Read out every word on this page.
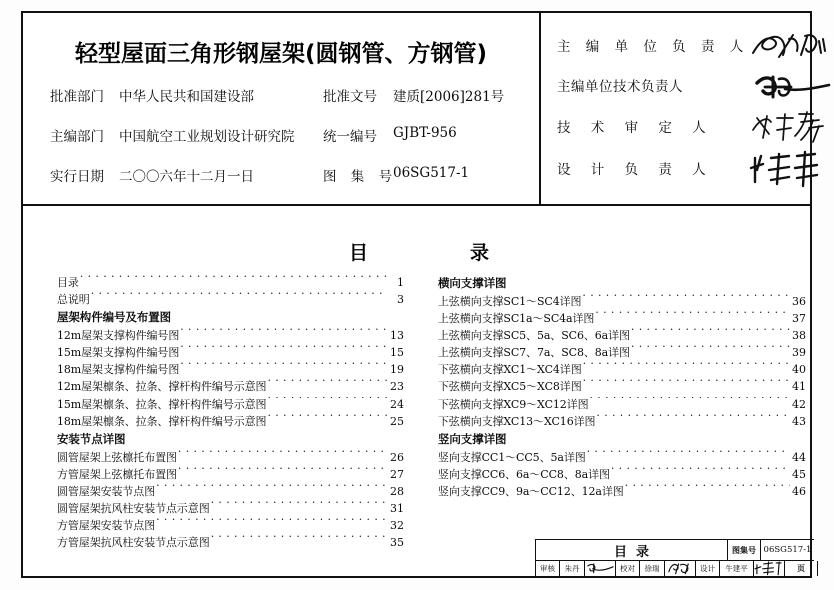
轻型屋面三角形钢屋架(圆钢管、方钢管)
批准部门 中华人民共和国建设部	批准文号 建质[2006]281号
主编部门 中国航空工业规划设计研究院 统一编号 GJBT-956
实行日期 二〇〇六年十二月一日	图 集 号
06SG517-1
主 编 单 位 负 责 人
主编单位技术负责人
技 术 审 定 人
设 计 负 责 人
目	录
目录 · · ·	1
总说明 · · ·	3
屋架构件编号及布置图
12m屋架支撑构件编号图 · · ·	13
15m屋架支撑构件编号图 · · ·	15
18m屋架支撑构件编号图 · · ·	19
12m屋架檩条、拉条、撑杆构件编号示意图 · · ·	23
15m屋架檩条、拉条、撑杆构件编号示意图 · · ·	24
18m屋架檩条、拉条、撑杆构件编号示意图 · · ·	25
安装节点详图
圆管屋架上弦檩托布置图 · · ·	26
方管屋架上弦檩托布置图 · · ·	27
圆管屋架安装节点图 · · ·	28
圆管屋架抗风柱安装节点示意图 · · ·	31
方管屋架安装节点图 · · ·	32
方管屋架抗风柱安装节点示意图 · · ·	35
横向支撑详图
上弦横向支撑SC1～SC4详图 · · ·	36
上弦横向支撑SC1a～SC4a详图 · · ·	37
上弦横向支撑SC5、5a、SC6、6a详图 · · ·	38
上弦横向支撑SC7、7a、SC8、8a详图 · · ·	39
下弦横向支撑XC1～XC4详图 · · ·	40
下弦横向支撑XC5～XC8详图 · · ·	41
下弦横向支撑XC9～XC12详图 · · ·	42
下弦横向支撑XC13～XC16详图 · · ·	43
竖向支撑详图
竖向支撑CC1～CC5、5a详图 · · ·	44
竖向支撑CC6、6a～CC8、8a详图 · · ·	45
竖向支撑CC9、9a～CC12、12a详图 · · ·	46
目录	图集号 06SG517-1
审核	朱丹	校对	徐瑞	设计	牛建平	页
